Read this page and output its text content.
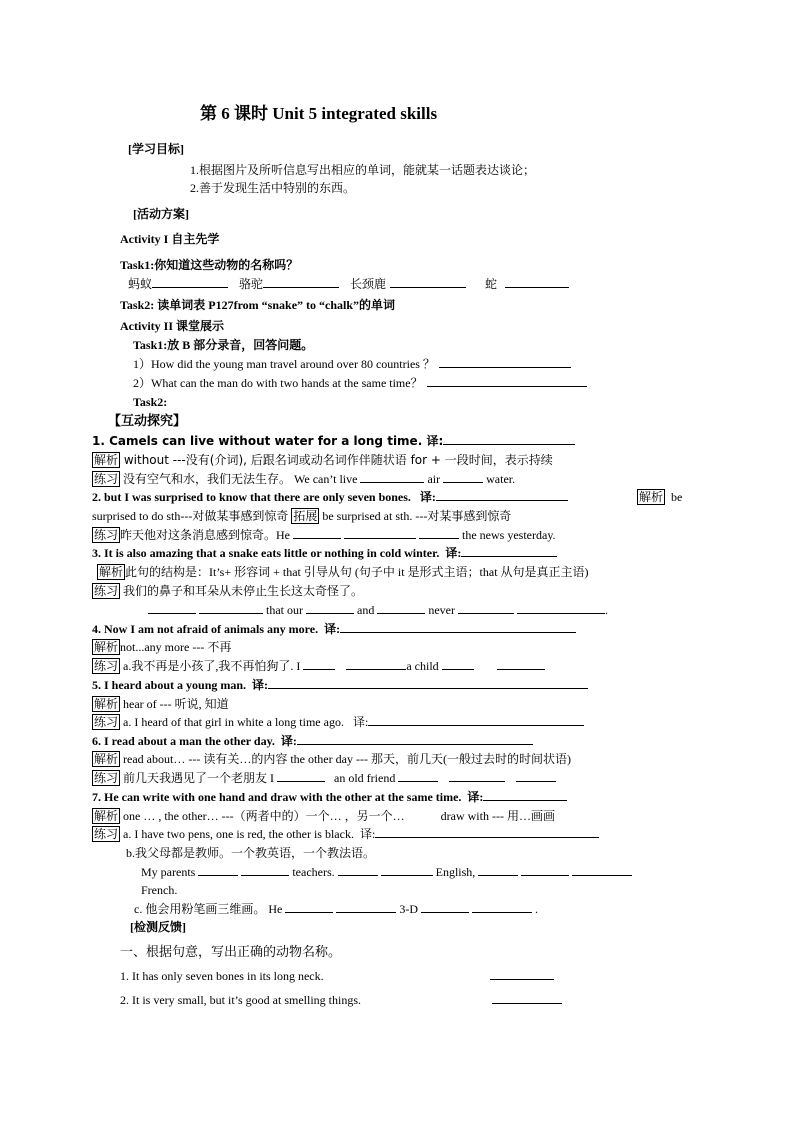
第 6 课时 Unit 5 integrated skills
[学习目标]
1.根据图片及所听信息写出相应的单词，能就某一话题表达谈论；
2.善于发现生活中特别的东西。
[活动方案]
Activity I 自主先学
Task1:你知道这些动物的名称吗？
蚂蚁	骆驼	长颈鹿	蛇
Task2: 读单词表 P127from “snake” to “chalk”的单词
Activity II 课堂展示
Task1:放 B 部分录音，回答问题。
1）How did the young man travel around over 80 countries ？
2）What can the man do with two hands at the same time？
Task2:
【互动探究】
1. Camels can live without water for a long time. 译:
解析 without ---没有(介词), 后跟名词或动名词作伴随状语 for + 一段时间，表示持续
练习 没有空气和水，我们无法生存。 We can’t live	air	water.
2. but I was surprised to know that there are only seven bones. 译:	解析 be
surprised to do sth---对做某事感到惊奇 拓展 be surprised at sth. ---对某事感到惊奇
练习 昨天他对这条消息感到惊奇。He	the news yesterday.
3. It is also amazing that a snake eats little or nothing in cold winter. 译:
解析 此句的结构是：It’s+ 形容词 + that 引导从句 (句子中 it 是形式主语；that 从句是真正主语)
练习 我们的鼻子和耳朵从未停止生长这太奇怪了。
that our	and	never	.
4. Now I am not afraid of animals any more. 译:
解析 not...any more --- 不再
练习 a.我不再是小孩了,我不再怕狗了. I	a child
5. I heard about a young man. 译:
解析 hear of --- 听说, 知道
练习 a. I heard of that girl in white a long time ago. 译:
6. I read about a man the other day. 译:
解析 read about… --- 读有关…的内容 the other day --- 那天，前几天(一般过去时的时间状语)
练习 前几天我遇见了一个老朋友 I	an old friend
7. He can write with one hand and draw with the other at the same time. 译:
解析 one … , the other… ---（两者中的）一个… ，另一个…	draw with --- 用…画画
练习 a. I have two pens, one is red, the other is black. 译:
b.我父母都是教师。一个教英语，一个教法语。
My parents	teachers.	English,
French.
c. 他会用粉笔画三维画。 He	3-D	.
[检测反馈]
一、根据句意，写出正确的动物名称。
1. It has only seven bones in its long neck.
2. It is very small, but it’s good at smelling things.
